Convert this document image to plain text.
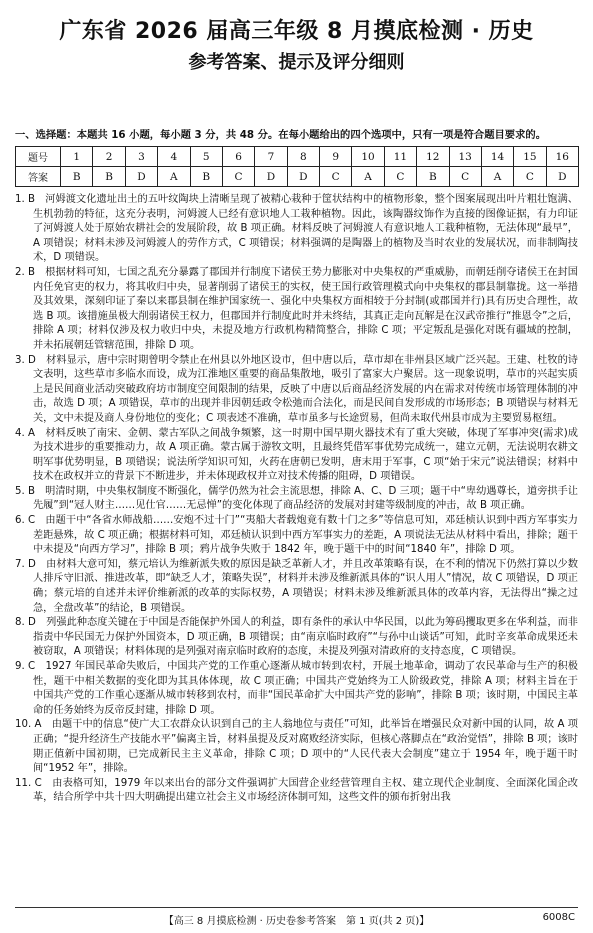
广东省 2026 届高三年级 8 月摸底检测 · 历史
参考答案、提示及评分细则
一、选择题：本题共 16 小题，每小题 3 分，共 48 分。在每小题给出的四个选项中，只有一项是符合题目要求的。
题号	1	2	3	4	5	6	7	8	9	10	11	12	13	14	15	16
答案	B	B	D	A	B	C	D	D	C	A	C	B	C	A	C	D

1. B　河姆渡文化遗址出土的五叶纹陶块上清晰呈现了被精心栽种于筐状结构中的植物形象，整个图案展现出叶片粗壮饱满、生机勃勃的特征，这充分表明，河姆渡人已经有意识地人工栽种植物。因此，该陶器纹饰作为直接的图像证据，有力印证了河姆渡人处于原始农耕社会的发展阶段，故 B 项正确。材料反映了河姆渡人有意识地人工栽种植物，无法体现“最早”，A 项错误；材料未涉及河姆渡人的劳作方式，C 项错误；材料强调的是陶器上的植物及当时农业的发展状况，而非制陶技术，D 项错误。

2. B　根据材料可知，七国之乱充分暴露了郡国并行制度下诸侯王势力膨胀对中央集权的严重威胁，而朝廷削夺诸侯王在封国内任免官吏的权力，将其收归中央，显著削弱了诸侯王的实权，使王国行政管理模式向中央集权的郡县制靠拢。这一举措及其效果，深刻印证了秦以来郡县制在维护国家统一、强化中央集权方面相较于分封制(或郡国并行)具有历史合理性，故选 B 项。该措施虽极大削弱诸侯王权力，但郡国并行制度此时并未终结，其真正走向瓦解是在汉武帝推行“推恩令”之后，排除 A 项；材料仅涉及权力收归中央，未提及地方行政机构精简整合，排除 C 项；平定叛乱是强化对既有疆域的控制，并未拓展朝廷管辖范围，排除 D 项。

3. D　材料显示，唐中宗时期曾明令禁止在州县以外地区设市，但中唐以后，草市却在非州县区域广泛兴起。王建、杜牧的诗文表明，这些草市多临水而设，成为江淮地区重要的商品集散地，吸引了富家大户聚居。这一现象说明，草市的兴起实质上是民间商业活动突破政府坊市制度空间限制的结果，反映了中唐以后商品经济发展的内在需求对传统市场管理体制的冲击，故选 D 项；A 项错误，草市的出现并非因朝廷政令松弛而合法化，而是民间自发形成的市场形态；B 项错误与材料无关，文中未提及商人身份地位的变化；C 项表述不准确，草市虽多与长途贸易，但尚未取代州县市成为主要贸易枢纽。

4. A　材料反映了南宋、金朝、蒙古军队之间战争频繁，这一时期中国早期火器技术有了重大突破，体现了军事冲突(需求)成为技术进步的重要推动力，故 A 项正确。蒙古属于游牧文明，且最终凭借军事优势完成统一，建立元朝，无法说明农耕文明军事优势明显，B 项错误；说法所学知识可知，火药在唐朝已发明，唐末用于军事，C 项“始于宋元”说法错误；材料中技术在政权并立的背景下不断进步，并未体现政权并立对技术传播的阻碍，D 项错误。

5. B　明清时期，中央集权制度不断强化，儒学仍然为社会主流思想，排除 A、C、D 三项；题干中“卑幼遇尊长，道旁拱手让先履”到“冠人财主……见仕官……无忌惮”的变化体现了商品经济的发展对封建等级制度的冲击，故 B 项正确。

6. C　由题干中“各省水师战船……安炮不过十门”“夷船大者载炮竟有数十门之多”等信息可知，邓廷桢认识到中西方军事实力差距悬殊，故 C 项正确；根据材料可知，邓廷桢认识到中西方军事实力的差距，A 项说法无法从材料中看出，排除；题干中未提及“向西方学习”，排除 B 项；鸦片战争失败于 1842 年，晚于题干中的时间“1840 年”，排除 D 项。

7. D　由材料大意可知，蔡元培认为维新派失败的原因是缺乏革新人才，并且改革策略有误，在不利的情况下仍然打算以少数人排斥守旧派、推进改革，即“缺乏人才，策略失误”，材料并未涉及维新派具体的“识人用人”情况，故 C 项错误，D 项正确；蔡元培的自述并未评价维新派的改革的实际权势，A 项错误；材料未涉及维新派具体的改革内容，无法得出“操之过急，全盘改革”的结论，B 项错误。

8. D　列强此种态度关键在于中国是否能保护外国人的利益，即有条件的承认中华民国，以此为筹码攫取更多在华利益，而非指责中华民国无力保护外国资本，D 项正确，B 项错误；由“南京临时政府”“与孙中山谈话”可知，此时辛亥革命成果还未被窃取，A 项错误；材料体现的是列强对南京临时政府的态度，未提及列强对清政府的支持态度，C 项错误。

9. C　1927 年国民革命失败后，中国共产党的工作重心逐渐从城市转到农村，开展土地革命，调动了农民革命与生产的积极性，题干中相关数据的变化即为其具体体现，故 C 项正确；中国共产党始终为工人阶级政党，排除 A 项；材料主旨在于中国共产党的工作重心逐渐从城市转移到农村，而非“国民革命扩大中国共产党的影响”，排除 B 项；该时期，中国民主革命的任务始终为反帝反封建，排除 D 项。

10. A　由题干中的信息“使广大工农群众认识到自己的主人翁地位与责任”可知，此举旨在增强民众对新中国的认同，故 A 项正确；“提升经济生产技能水平”偏离主旨，材料虽提及反对腐败经济实际，但核心落脚点在“政治觉悟”，排除 B 项；该时期正值新中国初期，已完成新民主主义革命，排除 C 项；D 项中的“人民代表大会制度”建立于 1954 年，晚于题干时间“1952 年”，排除。

11. C　由表格可知，1979 年以来出台的部分文件强调扩大国营企业经营管理自主权、建立现代企业制度、全面深化国企改革，结合所学中共十四大明确提出建立社会主义市场经济体制可知，这些文件的颁布折射出我

【高三 8 月摸底检测 · 历史卷参考答案　第 1 页(共 2 页)】	6008C
